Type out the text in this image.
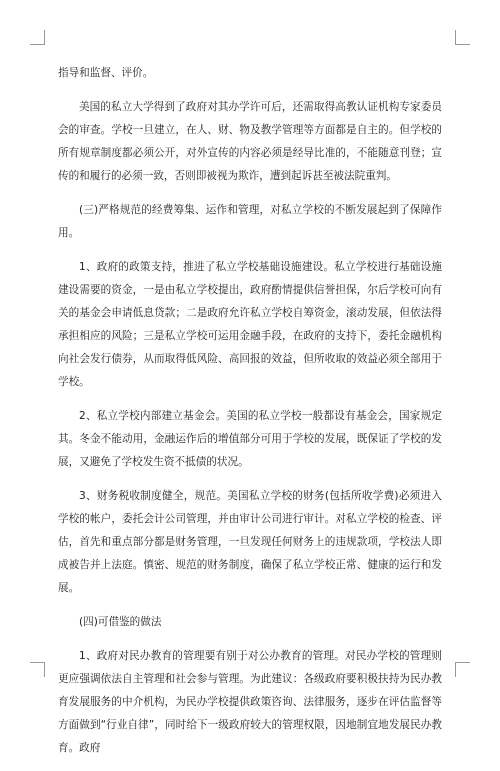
指导和监督、评价。

美国的私立大学得到了政府对其办学许可后，还需取得高教认证机构专家委员会的审查。学校一旦建立，在人、财、物及教学管理等方面都是自主的。但学校的所有规章制度都必须公开，对外宣传的内容必须是经导比准的，不能随意刊登；宣传的和履行的必须一致，否则即被视为欺诈，遭到起诉甚至被法院重判。

(三)严格规范的经费筹集、运作和管理，对私立学校的不断发展起到了保障作用。

1、政府的政策支持，推进了私立学校基础设施建设。私立学校进行基础设施建设需要的资金，一是由私立学校提出，政府酌情提供信誉担保，尔后学校可向有关的基金会申请低息贷款；二是政府允许私立学校自筹资金，滚动发展，但依法得承担相应的风险；三是私立学校可运用金融手段，在政府的支持下，委托金融机构向社会发行债券，从而取得低风险、高回报的效益，但所收取的效益必须全部用于学校。

2、私立学校内部建立基金会。美国的私立学校一般都设有基金会，国家规定其。冬金不能动用，金融运作后的增值部分可用于学校的发展，既保证了学校的发展，又避免了学校发生资不抵债的状况。

3、财务税收制度健全，规范。美国私立学校的财务(包括所收学费)必须进入学校的帐户，委托会计公司管理，并由审计公司进行审计。对私立学校的检查、评估，首先和重点部分都是财务管理，一旦发现任何财务上的违规款项，学校法人即成被告并上法庭。慎密、规范的财务制度，确保了私立学校正常、健康的运行和发展。

(四)可借鉴的做法

1、政府对民办教育的管理要有别于对公办教育的管理。对民办学校的管理则更应强调依法自主管理和社会参与管理。为此建议：各级政府要积极扶持为民办教育发展服务的中介机构，为民办学校提供政策咨询、法律服务，逐步在评估监督等方面做到“行业自律”，同时给下一级政府较大的管理权限，因地制宜地发展民办教育。政府
